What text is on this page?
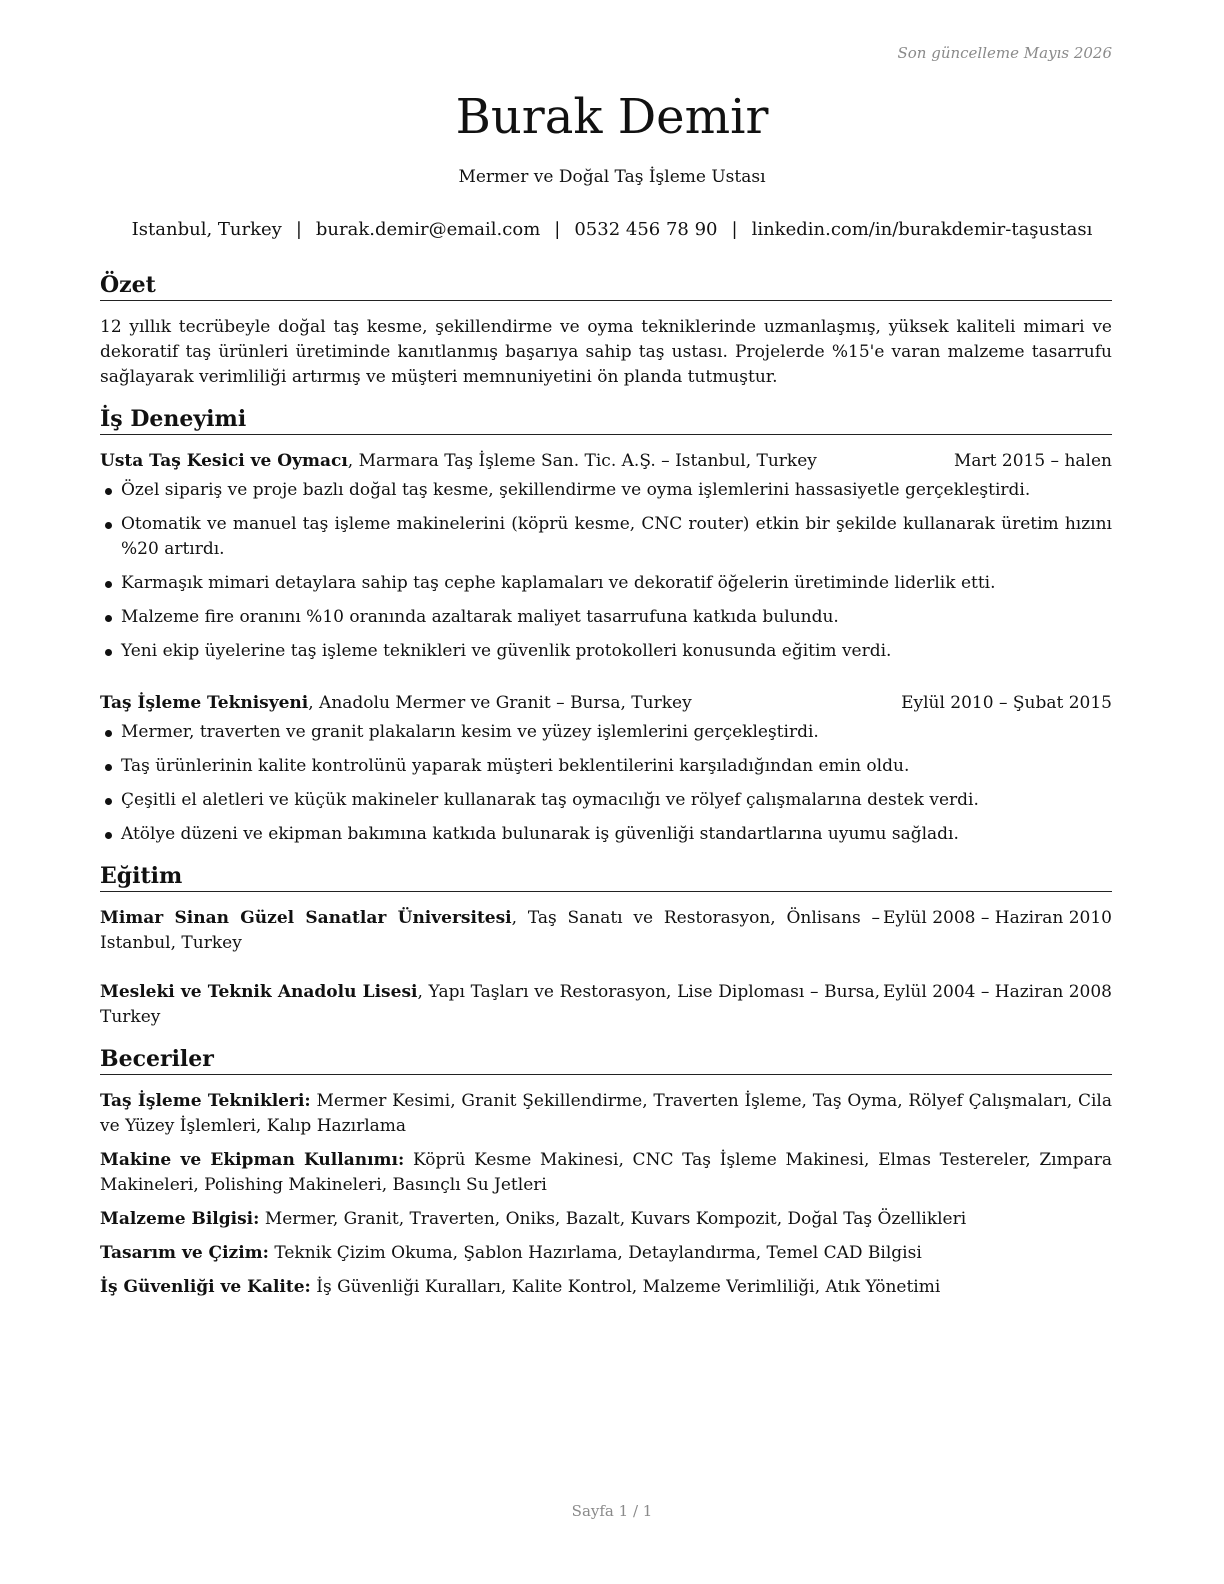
Son güncelleme Mayıs 2026
Burak Demir
Mermer ve Doğal Taş İşleme Ustası
Istanbul, Turkey | burak.demir@email.com | 0532 456 78 90 | linkedin.com/in/burakdemir-taşustası
Özet
12 yıllık tecrübeyle doğal taş kesme, şekillendirme ve oyma tekniklerinde uzmanlaşmış, yüksek kaliteli mimari ve dekoratif taş ürünleri üretiminde kanıtlanmış başarıya sahip taş ustası. Projelerde %15'e varan malzeme tasarrufu sağlayarak verimliliği artırmış ve müşteri memnuniyetini ön planda tutmuştur.
İş Deneyimi
Usta Taş Kesici ve Oymacı, Marmara Taş İşleme San. Tic. A.Ş. – Istanbul, Turkey	Mart 2015 – halen
Özel sipariş ve proje bazlı doğal taş kesme, şekillendirme ve oyma işlemlerini hassasiyetle gerçekleştirdi.
Otomatik ve manuel taş işleme makinelerini (köprü kesme, CNC router) etkin bir şekilde kullanarak üretim hızını %20 artırdı.
Karmaşık mimari detaylara sahip taş cephe kaplamaları ve dekoratif öğelerin üretiminde liderlik etti.
Malzeme fire oranını %10 oranında azaltarak maliyet tasarrufuna katkıda bulundu.
Yeni ekip üyelerine taş işleme teknikleri ve güvenlik protokolleri konusunda eğitim verdi.
Taş İşleme Teknisyeni, Anadolu Mermer ve Granit – Bursa, Turkey	Eylül 2010 – Şubat 2015
Mermer, traverten ve granit plakaların kesim ve yüzey işlemlerini gerçekleştirdi.
Taş ürünlerinin kalite kontrolünü yaparak müşteri beklentilerini karşıladığından emin oldu.
Çeşitli el aletleri ve küçük makineler kullanarak taş oymacılığı ve rölyef çalışmalarına destek verdi.
Atölye düzeni ve ekipman bakımına katkıda bulunarak iş güvenliği standartlarına uyumu sağladı.
Eğitim
Mimar Sinan Güzel Sanatlar Üniversitesi, Taş Sanatı ve Restorasyon, Önlisans – Istanbul, Turkey
Eylül 2008 – Haziran 2010
Mesleki ve Teknik Anadolu Lisesi, Yapı Taşları ve Restorasyon, Lise Diploması – Bursa, Turkey
Eylül 2004 – Haziran 2008
Beceriler
Taş İşleme Teknikleri: Mermer Kesimi, Granit Şekillendirme, Traverten İşleme, Taş Oyma, Rölyef Çalışmaları, Cila ve Yüzey İşlemleri, Kalıp Hazırlama
Makine ve Ekipman Kullanımı: Köprü Kesme Makinesi, CNC Taş İşleme Makinesi, Elmas Testereler, Zımpara Makineleri, Polishing Makineleri, Basınçlı Su Jetleri
Malzeme Bilgisi: Mermer, Granit, Traverten, Oniks, Bazalt, Kuvars Kompozit, Doğal Taş Özellikleri
Tasarım ve Çizim: Teknik Çizim Okuma, Şablon Hazırlama, Detaylandırma, Temel CAD Bilgisi
İş Güvenliği ve Kalite: İş Güvenliği Kuralları, Kalite Kontrol, Malzeme Verimliliği, Atık Yönetimi
Sayfa 1 / 1
